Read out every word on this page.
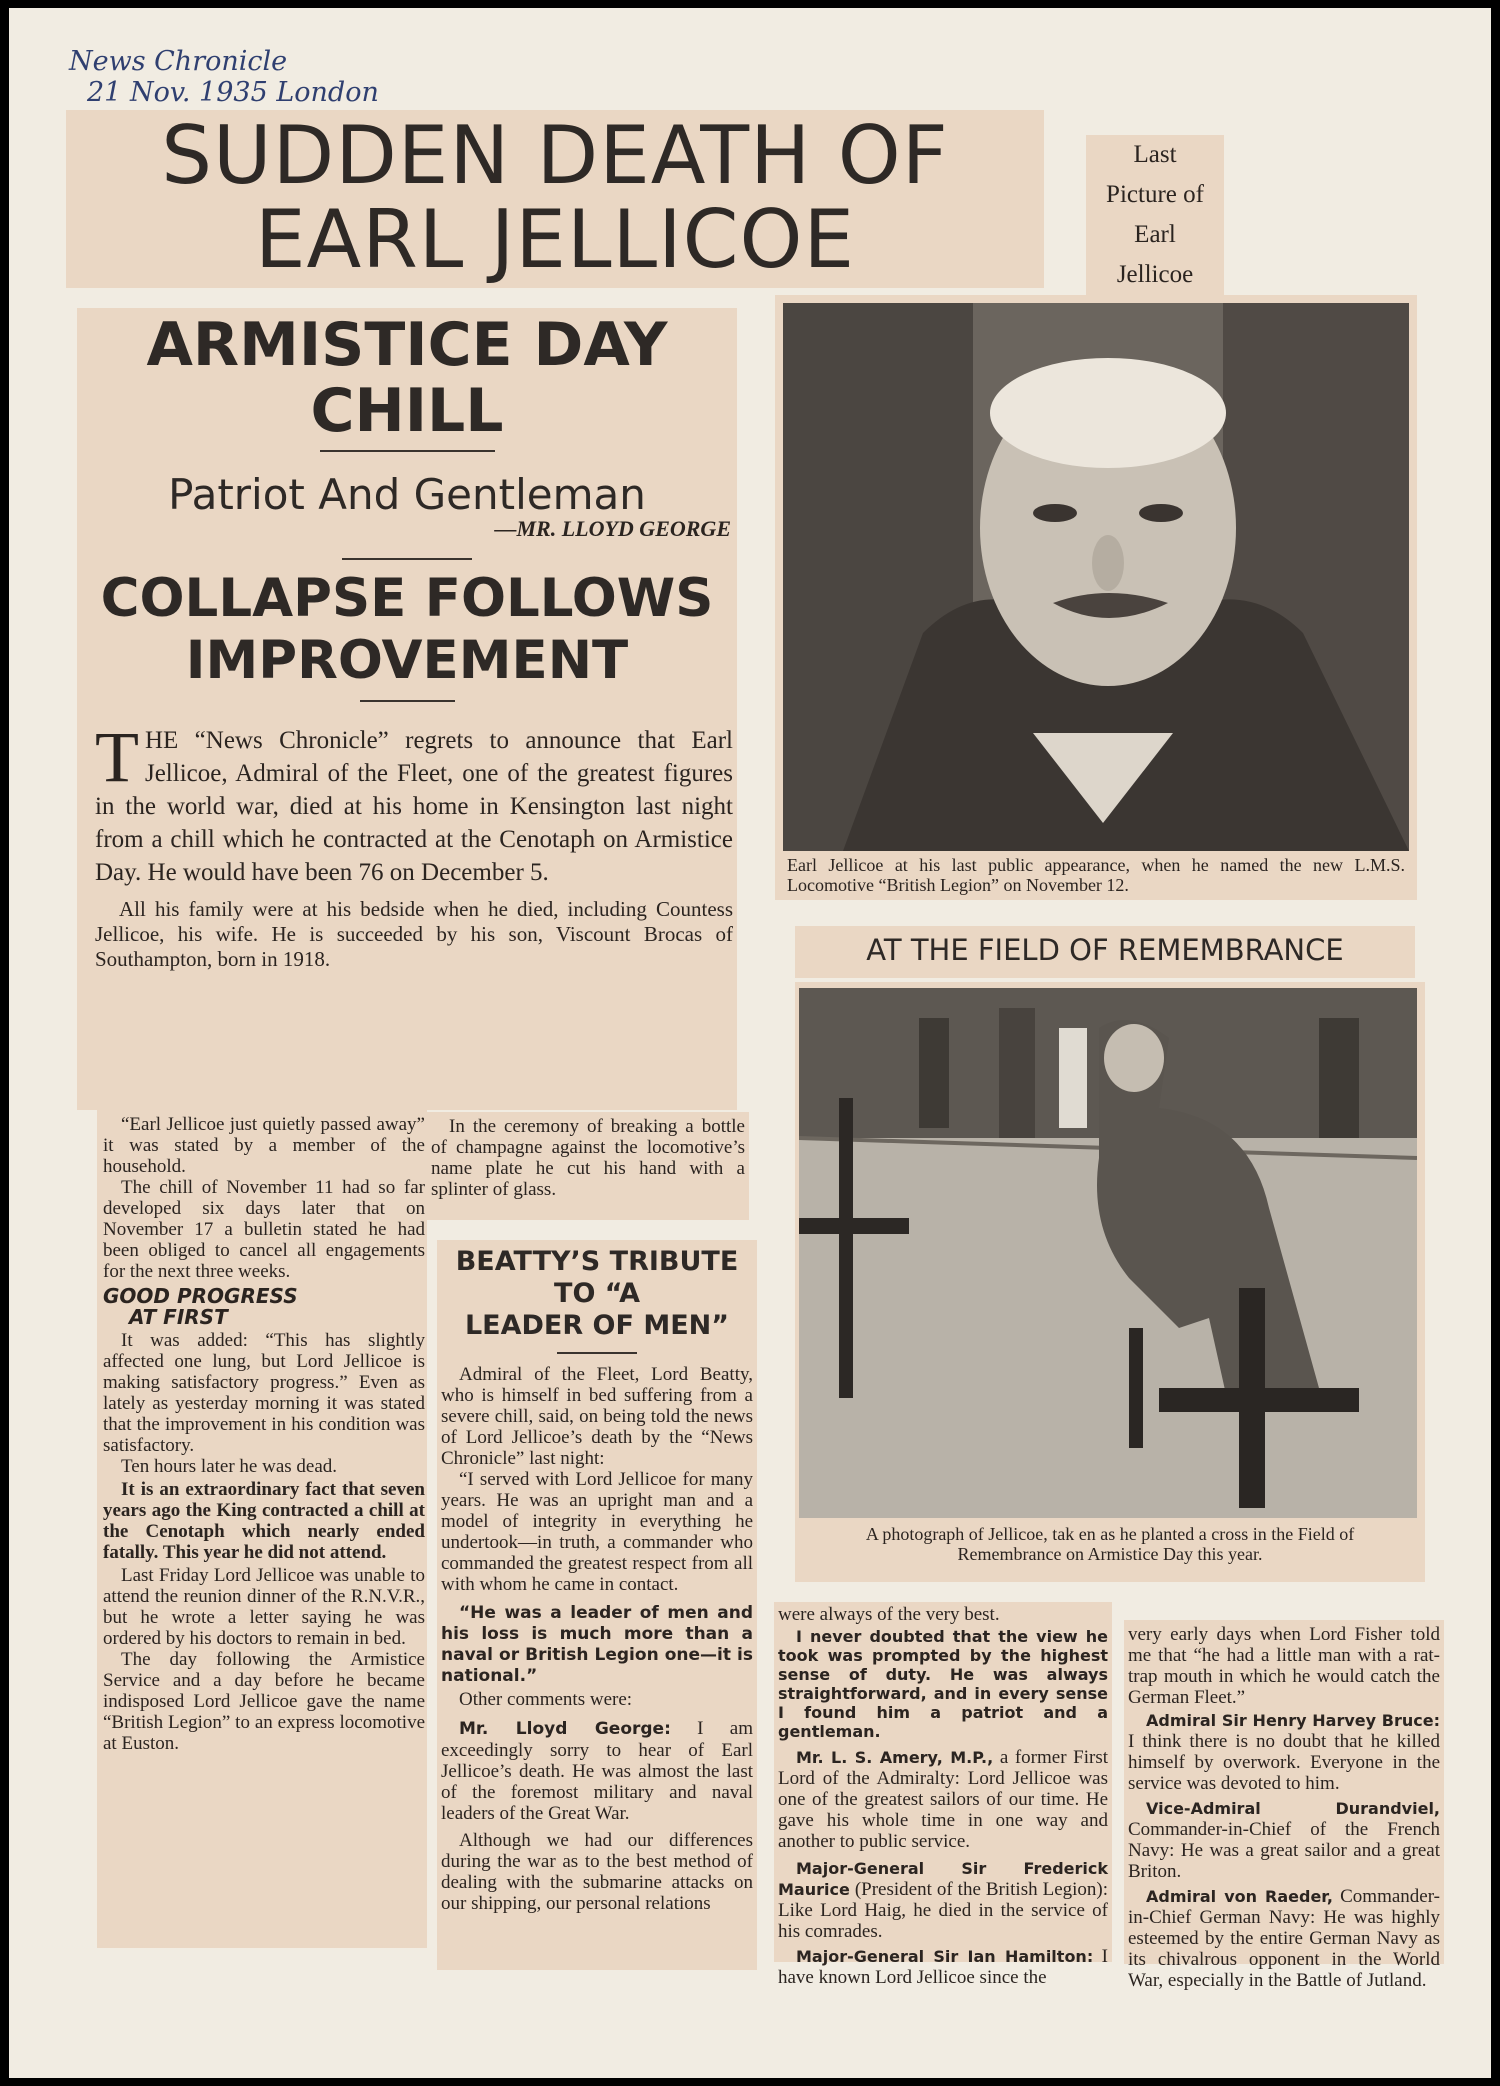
News Chronicle
21 Nov. 1935 London
SUDDEN DEATH OF
EARL JELLICOE
Last
Picture of
Earl
Jellicoe
ARMISTICE DAY
CHILL
Patriot And Gentleman
—MR. LLOYD GEORGE
COLLAPSE FOLLOWS
IMPROVEMENT
THE “News Chronicle” regrets to announce that Earl Jellicoe, Admiral of the Fleet, one of the greatest figures in the world war, died at his home in Kensington last night from a chill which he contracted at the Cenotaph on Armistice Day. He would have been 76 on December 5.
All his family were at his bedside when he died, including Countess Jellicoe, his wife. He is succeeded by his son, Viscount Brocas of Southampton, born in 1918.

“Earl Jellicoe just quietly passed away” it was stated by a member of the household.

The chill of November 11 had so far developed six days later that on November 17 a bulletin stated he had been obliged to cancel all engagements for the next three weeks.

GOOD PROGRESS
AT FIRST

It was added: “This has slightly affected one lung, but Lord Jellicoe is making satisfactory progress.” Even as lately as yesterday morning it was stated that the improvement in his condition was satisfactory.

Ten hours later he was dead.

It is an extraordinary fact that seven years ago the King contracted a chill at the Cenotaph which nearly ended fatally. This year he did not attend.

Last Friday Lord Jellicoe was unable to attend the reunion dinner of the R.N.V.R., but he wrote a letter saying he was ordered by his doctors to remain in bed.

The day following the Armistice Service and a day before he became indisposed Lord Jellicoe gave the name “British Legion” to an express locomotive at Euston.

In the ceremony of breaking a bottle of champagne against the locomotive’s name plate he cut his hand with a splinter of glass.

BEATTY’S TRIBUTE
TO “A
LEADER OF MEN”

Admiral of the Fleet, Lord Beatty, who is himself in bed suffering from a severe chill, said, on being told the news of Lord Jellicoe’s death by the “News Chronicle” last night:

“I served with Lord Jellicoe for many years. He was an upright man and a model of integrity in everything he undertook—in truth, a commander who commanded the greatest respect from all with whom he came in contact.

“He was a leader of men and his loss is much more than a naval or British Legion one—it is national.”

Other comments were:

Mr. Lloyd George: I am exceedingly sorry to hear of Earl Jellicoe’s death. He was almost the last of the foremost military and naval leaders of the Great War.

Although we had our differences during the war as to the best method of dealing with the submarine attacks on our shipping, our personal relations

were always of the very best.

I never doubted that the view he took was prompted by the highest sense of duty. He was always straightforward, and in every sense I found him a patriot and a gentleman.

Mr. L. S. Amery, M.P., a former First Lord of the Admiralty: Lord Jellicoe was one of the greatest sailors of our time. He gave his whole time in one way and another to public service.

Major-General Sir Frederick Maurice (President of the British Legion): Like Lord Haig, he died in the service of his comrades.

Major-General Sir Ian Hamilton: I have known Lord Jellicoe since the

very early days when Lord Fisher told me that “he had a little man with a rat-trap mouth in which he would catch the German Fleet.”

Admiral Sir Henry Harvey Bruce: I think there is no doubt that he killed himself by overwork. Everyone in the service was devoted to him.

Vice-Admiral Durandviel, Commander-in-Chief of the French Navy: He was a great sailor and a great Briton.

Admiral von Raeder, Commander-in-Chief German Navy: He was highly esteemed by the entire German Navy as its chivalrous opponent in the World War, especially in the Battle of Jutland.

Earl Jellicoe at his last public appearance, when he named the new L.M.S. Locomotive “British Legion” on November 12.
AT THE FIELD OF REMEMBRANCE
A photograph of Jellicoe, tak en as he planted a cross in the Field of Remembrance on Armistice Day this year.
